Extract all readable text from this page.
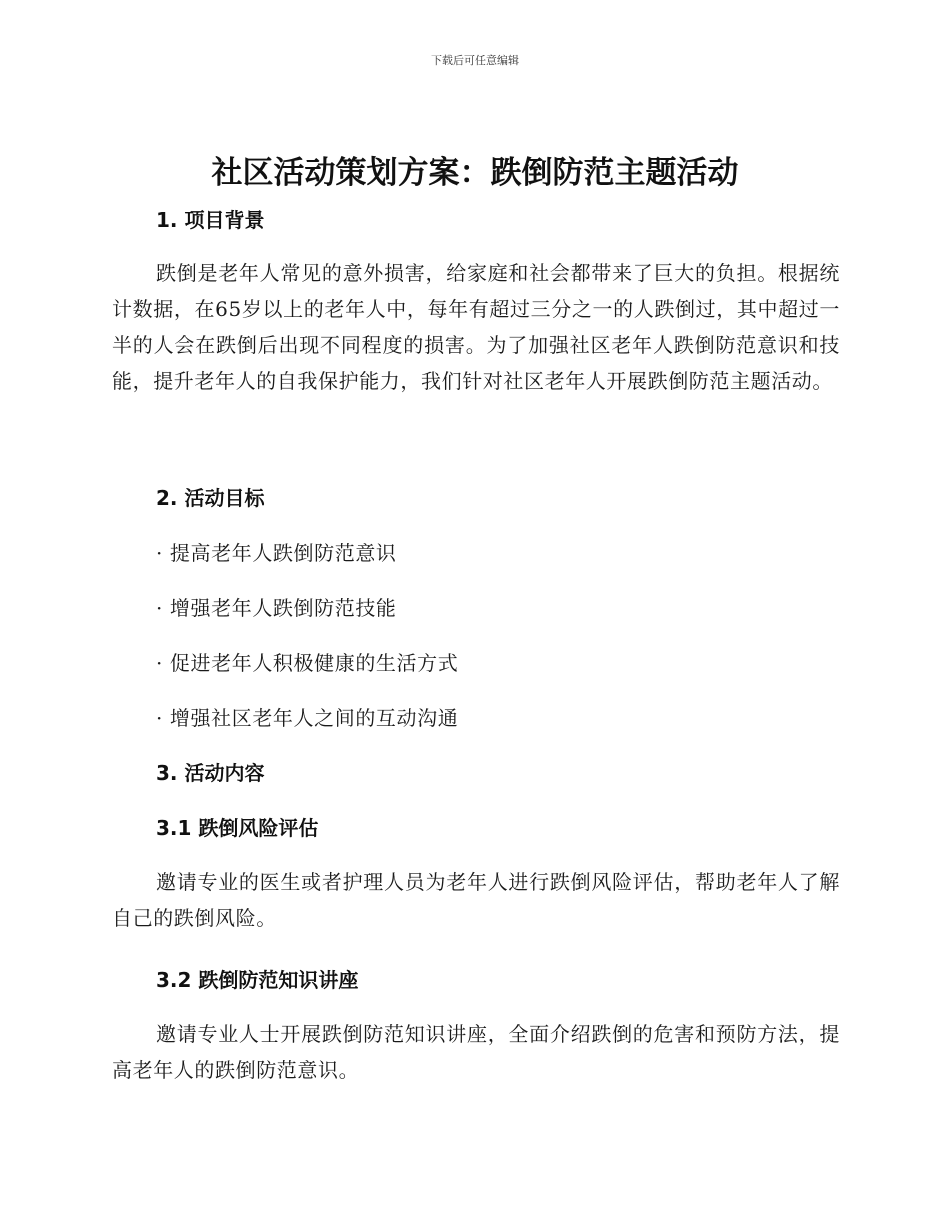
下载后可任意编辑
社区活动策划方案：跌倒防范主题活动
1. 项目背景

跌倒是老年人常见的意外损害，给家庭和社会都带来了巨大的负担。根据统计数据，在65岁以上的老年人中，每年有超过三分之一的人跌倒过，其中超过一半的人会在跌倒后出现不同程度的损害。为了加强社区老年人跌倒防范意识和技能，提升老年人的自我保护能力，我们针对社区老年人开展跌倒防范主题活动。

2. 活动目标
· 提高老年人跌倒防范意识
· 增强老年人跌倒防范技能
· 促进老年人积极健康的生活方式
· 增强社区老年人之间的互动沟通
3. 活动内容
3.1 跌倒风险评估

邀请专业的医生或者护理人员为老年人进行跌倒风险评估，帮助老年人了解自己的跌倒风险。

3.2 跌倒防范知识讲座

邀请专业人士开展跌倒防范知识讲座，全面介绍跌倒的危害和预防方法，提高老年人的跌倒防范意识。
